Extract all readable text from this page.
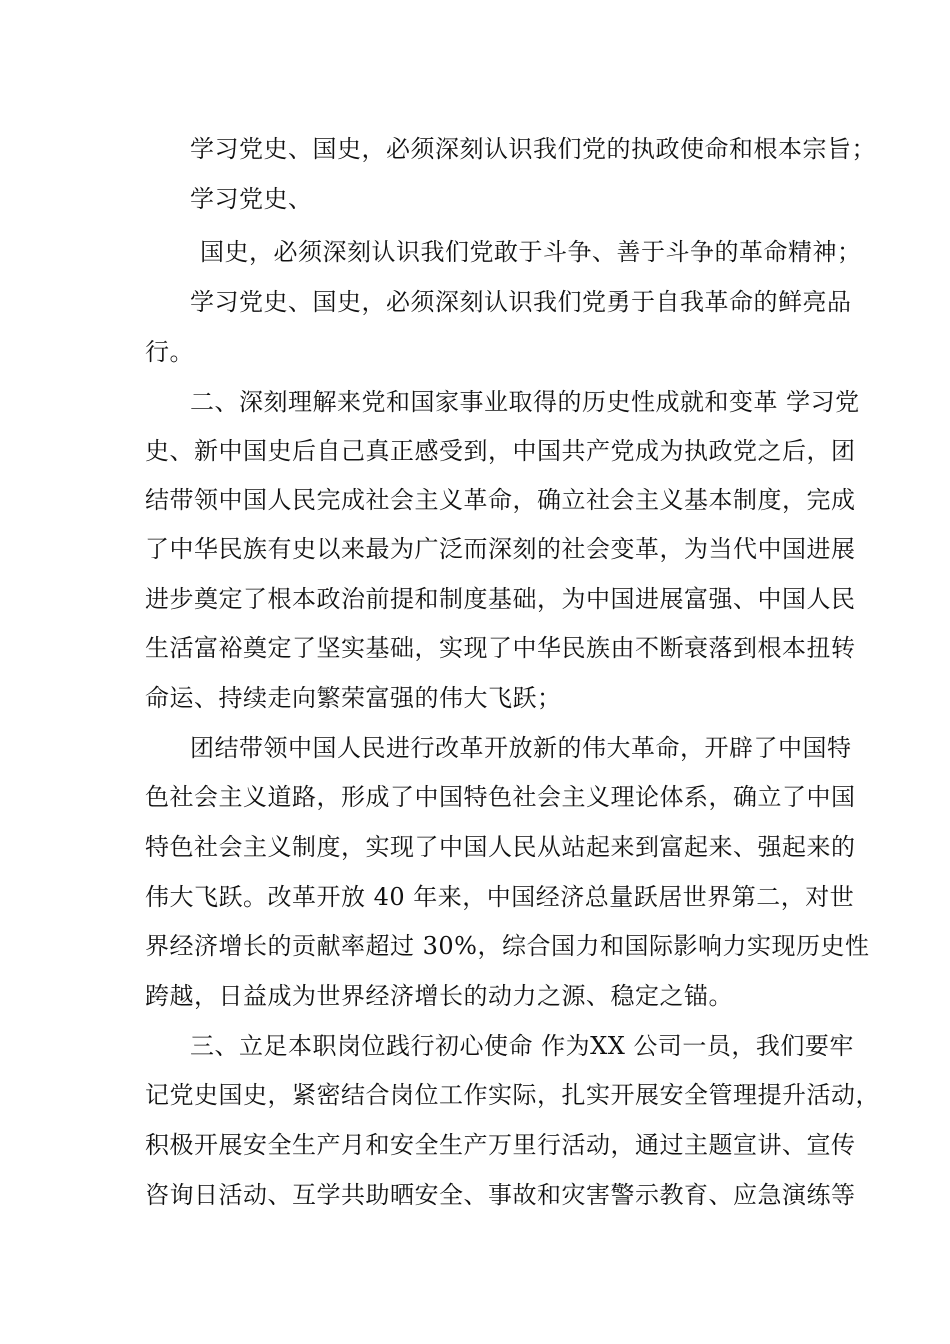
学习党史、国史，必须深刻认识我们党的执政使命和根本宗旨；
学习党史、
国史，必须深刻认识我们党敢于斗争、善于斗争的革命精神；
学习党史、国史，必须深刻认识我们党勇于自我革命的鲜亮品
行。
二、深刻理解来党和国家事业取得的历史性成就和变革 学习党
史、新中国史后自己真正感受到，中国共产党成为执政党之后，团
结带领中国人民完成社会主义革命，确立社会主义基本制度，完成
了中华民族有史以来最为广泛而深刻的社会变革，为当代中国进展
进步奠定了根本政治前提和制度基础，为中国进展富强、中国人民
生活富裕奠定了坚实基础，实现了中华民族由不断衰落到根本扭转
命运、持续走向繁荣富强的伟大飞跃；
团结带领中国人民进行改革开放新的伟大革命，开辟了中国特
色社会主义道路，形成了中国特色社会主义理论体系，确立了中国
特色社会主义制度，实现了中国人民从站起来到富起来、强起来的
伟大飞跃。改革开放 40 年来，中国经济总量跃居世界第二，对世
界经济增长的贡献率超过 30%，综合国力和国际影响力实现历史性
跨越，日益成为世界经济增长的动力之源、稳定之锚。
三、立足本职岗位践行初心使命 作为XX 公司一员，我们要牢
记党史国史，紧密结合岗位工作实际，扎实开展安全管理提升活动，
积极开展安全生产月和安全生产万里行活动，通过主题宣讲、宣传
咨询日活动、互学共助晒安全、事故和灾害警示教育、应急演练等
